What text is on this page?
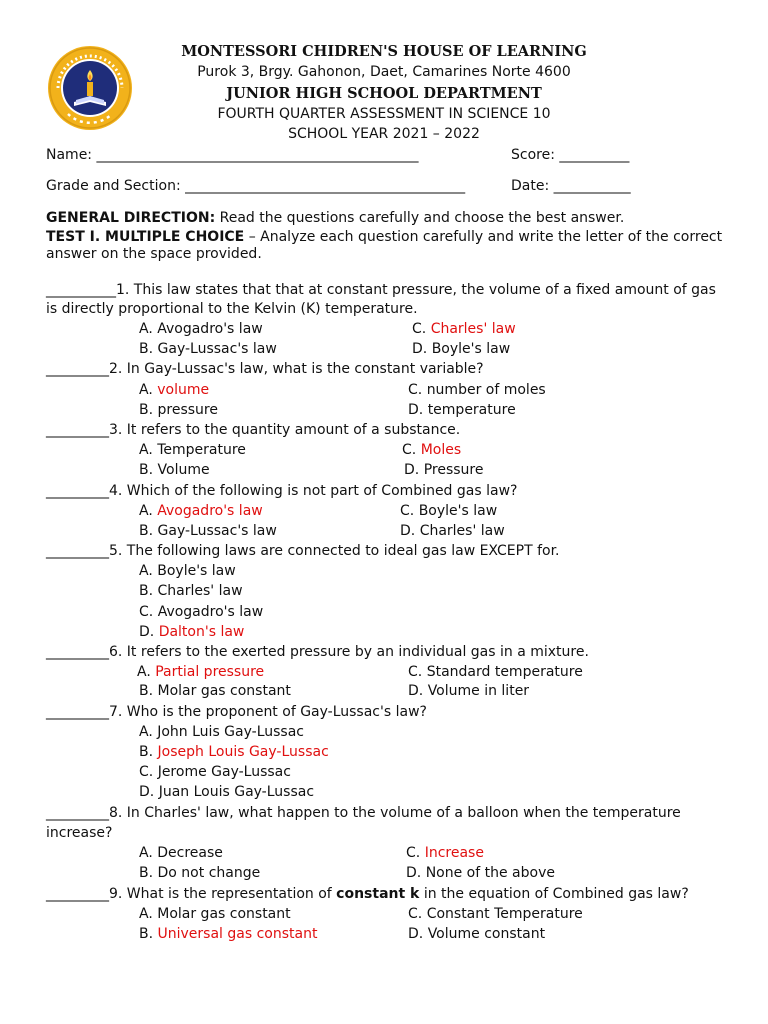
MONTESSORI CHIDREN'S HOUSE OF LEARNING
Purok 3, Brgy. Gahonon, Daet, Camarines Norte 4600
JUNIOR HIGH SCHOOL DEPARTMENT
FOURTH QUARTER ASSESSMENT IN SCIENCE 10
SCHOOL YEAR 2021 – 2022
Name: ______________________________________________	Score: __________
Grade and Section: ________________________________________	Date: ___________
GENERAL DIRECTION: Read the questions carefully and choose the best answer.
TEST I. MULTIPLE CHOICE – Analyze each question carefully and write the letter of the correct
answer on the space provided.
__________1. This law states that that at constant pressure, the volume of a fixed amount of gas
is directly proportional to the Kelvin (K) temperature.
A. Avogadro's law	C. Charles' law
B. Gay-Lussac's law	D. Boyle's law
_________2. In Gay-Lussac's law, what is the constant variable?
A. volume	C. number of moles
B. pressure	D. temperature
_________3. It refers to the quantity amount of a substance.
A. Temperature	C. Moles
B. Volume	D. Pressure
_________4. Which of the following is not part of Combined gas law?
A. Avogadro's law	C. Boyle's law
B. Gay-Lussac's law	D. Charles' law
_________5. The following laws are connected to ideal gas law EXCEPT for.
A. Boyle's law
B. Charles' law
C. Avogadro's law
D. Dalton's law
_________6. It refers to the exerted pressure by an individual gas in a mixture.
A. Partial pressure	C. Standard temperature
B. Molar gas constant	D. Volume in liter
_________7. Who is the proponent of Gay-Lussac's law?
A. John Luis Gay-Lussac
B. Joseph Louis Gay-Lussac
C. Jerome Gay-Lussac
D. Juan Louis Gay-Lussac
_________8. In Charles' law, what happen to the volume of a balloon when the temperature
increase?
A. Decrease	C. Increase
B. Do not change	D. None of the above
_________9. What is the representation of constant k in the equation of Combined gas law?
A. Molar gas constant	C. Constant Temperature
B. Universal gas constant	D. Volume constant
